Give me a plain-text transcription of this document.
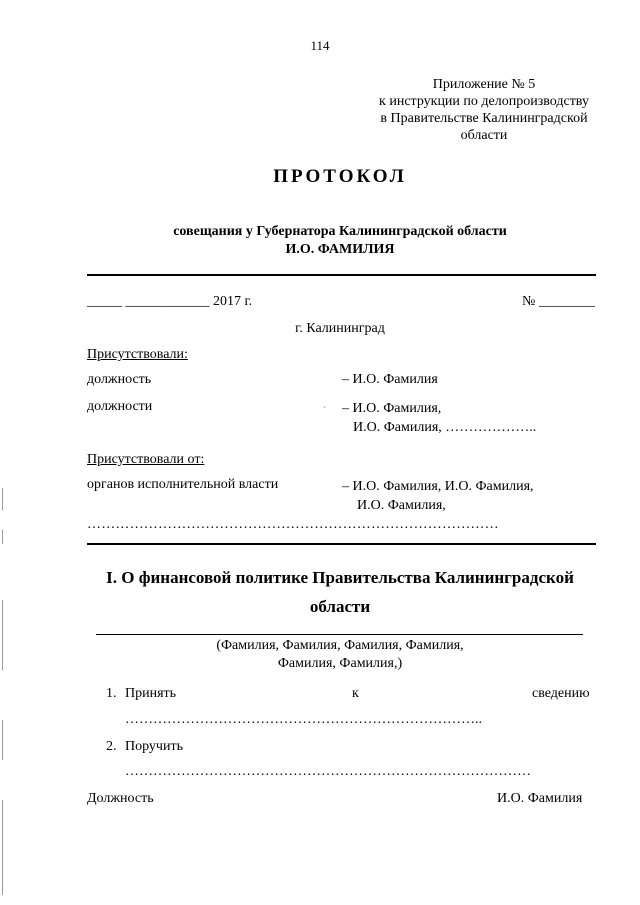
114
Приложение № 5
к инструкции по делопроизводству
в Правительстве Калининградской
области
ПРОТОКОЛ
совещания у Губернатора Калининградской области
И.О. ФАМИЛИЯ
_____ ____________ 2017 г.	№ ________
г. Калининград
Присутствовали:
должность	– И.О. Фамилия
должности	ˏ – И.О. Фамилия,
И.О. Фамилия, ………………..
Присутствовали от:
органов исполнительной власти	– И.О. Фамилия, И.О. Фамилия,
И.О. Фамилия,
……………………………………………………………………………
I. О финансовой политике Правительства Калининградской
области
(Фамилия, Фамилия, Фамилия, Фамилия,
Фамилия, Фамилия,)
1. Принять	к	сведению
…………………………………………………………………..
2. Поручить
……………………………………………………………………………
Должность	И.О. Фамилия
